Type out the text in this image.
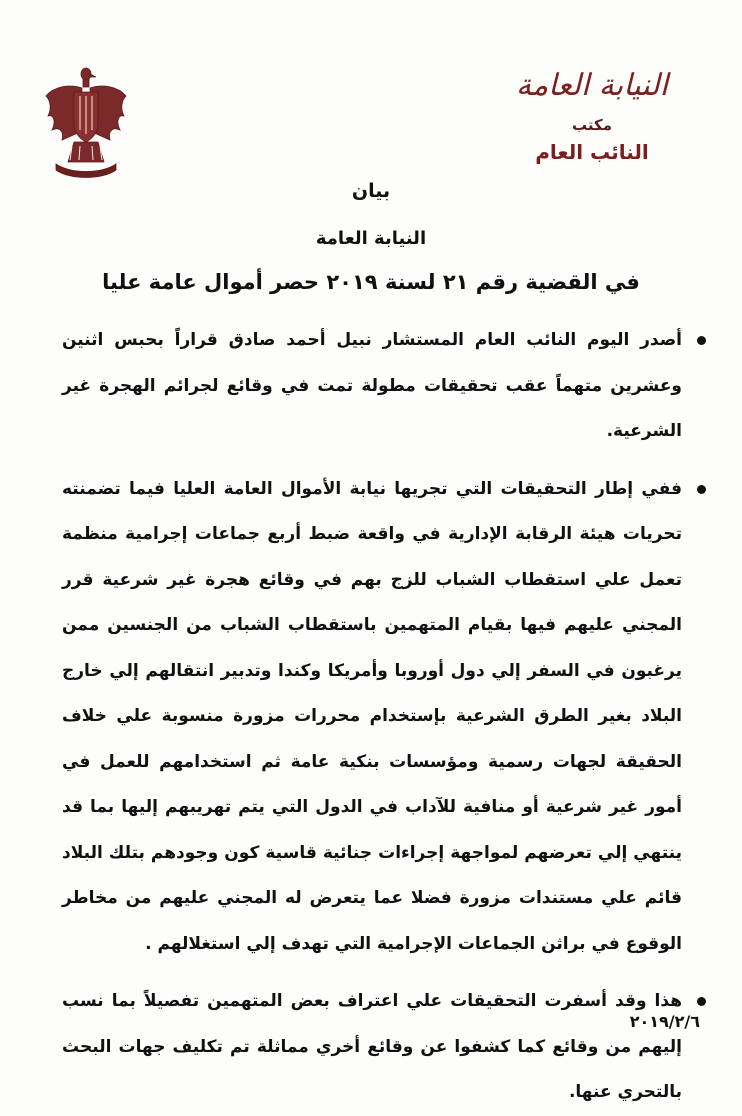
النيابة العامة
مكتب
النائب العام
بيان
النيابة العامة
في القضية رقم ٢١ لسنة ٢٠١٩ حصر أموال عامة عليا
أصدر اليوم النائب العام المستشار نبيل أحمد صادق قراراً بحبس اثنين وعشرين متهماً عقب تحقيقات مطولة تمت في وقائع لجرائم الهجرة غير الشرعية.
ففي إطار التحقيقات التي تجريها نيابة الأموال العامة العليا فيما تضمنته تحريات هيئة الرقابة الإدارية في واقعة ضبط أربع جماعات إجرامية منظمة تعمل علي استقطاب الشباب للزج بهم في وقائع هجرة غير شرعية قرر المجني عليهم فيها بقيام المتهمين باستقطاب الشباب من الجنسين ممن يرغبون في السفر إلي دول أوروبا وأمريكا وكندا وتدبير انتقالهم إلي خارج البلاد بغير الطرق الشرعية بإستخدام محررات مزورة منسوبة علي خلاف الحقيقة لجهات رسمية ومؤسسات بنكية عامة ثم استخدامهم للعمل في أمور غير شرعية أو منافية للآداب في الدول التي يتم تهريبهم إليها بما قد ينتهي إلي تعرضهم لمواجهة إجراءات جنائية قاسية كون وجودهم بتلك البلاد قائم علي مستندات مزورة فضلا عما يتعرض له المجني عليهم من مخاطر الوقوع في براثن الجماعات الإجرامية التي تهدف إلي استغلالهم .
هذا وقد أسفرت التحقيقات علي اعتراف بعض المتهمين تفصيلاً بما نسب إليهم من وقائع كما كشفوا عن وقائع أخري مماثلة تم تكليف جهات البحث بالتحري عنها.
٢٠١٩/٢/٦
